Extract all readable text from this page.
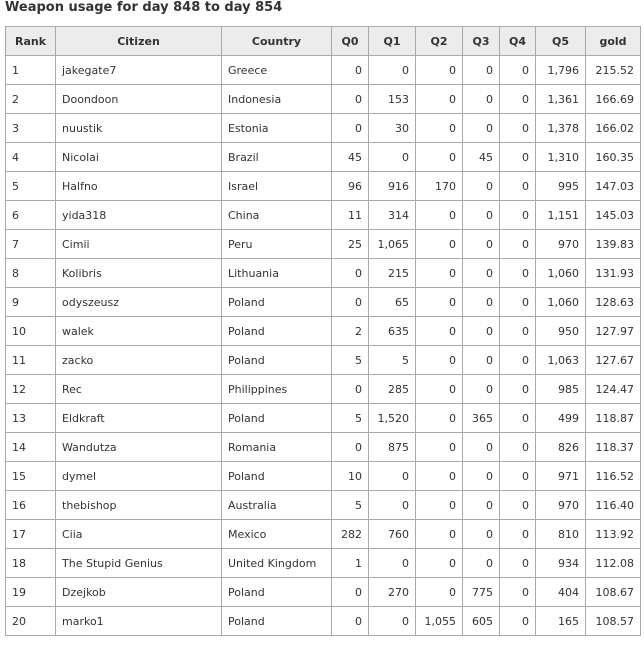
Weapon usage for day 848 to day 854
Rank	Citizen	Country	Q0	Q1	Q2	Q3	Q4	Q5	gold
1	jakegate7	Greece	0	0	0	0	0	1,796	215.52
2	Doondoon	Indonesia	0	153	0	0	0	1,361	166.69
3	nuustik	Estonia	0	30	0	0	0	1,378	166.02
4	Nicolai	Brazil	45	0	0	45	0	1,310	160.35
5	Halfno	Israel	96	916	170	0	0	995	147.03
6	yida318	China	11	314	0	0	0	1,151	145.03
7	Cimii	Peru	25	1,065	0	0	0	970	139.83
8	Kolibris	Lithuania	0	215	0	0	0	1,060	131.93
9	odyszeusz	Poland	0	65	0	0	0	1,060	128.63
10	walek	Poland	2	635	0	0	0	950	127.97
11	zacko	Poland	5	5	0	0	0	1,063	127.67
12	Rec	Philippines	0	285	0	0	0	985	124.47
13	Eldkraft	Poland	5	1,520	0	365	0	499	118.87
14	Wandutza	Romania	0	875	0	0	0	826	118.37
15	dymel	Poland	10	0	0	0	0	971	116.52
16	thebishop	Australia	5	0	0	0	0	970	116.40
17	Ciia	Mexico	282	760	0	0	0	810	113.92
18	The Stupid Genius	United Kingdom	1	0	0	0	0	934	112.08
19	Dzejkob	Poland	0	270	0	775	0	404	108.67
20	marko1	Poland	0	0	1,055	605	0	165	108.57
